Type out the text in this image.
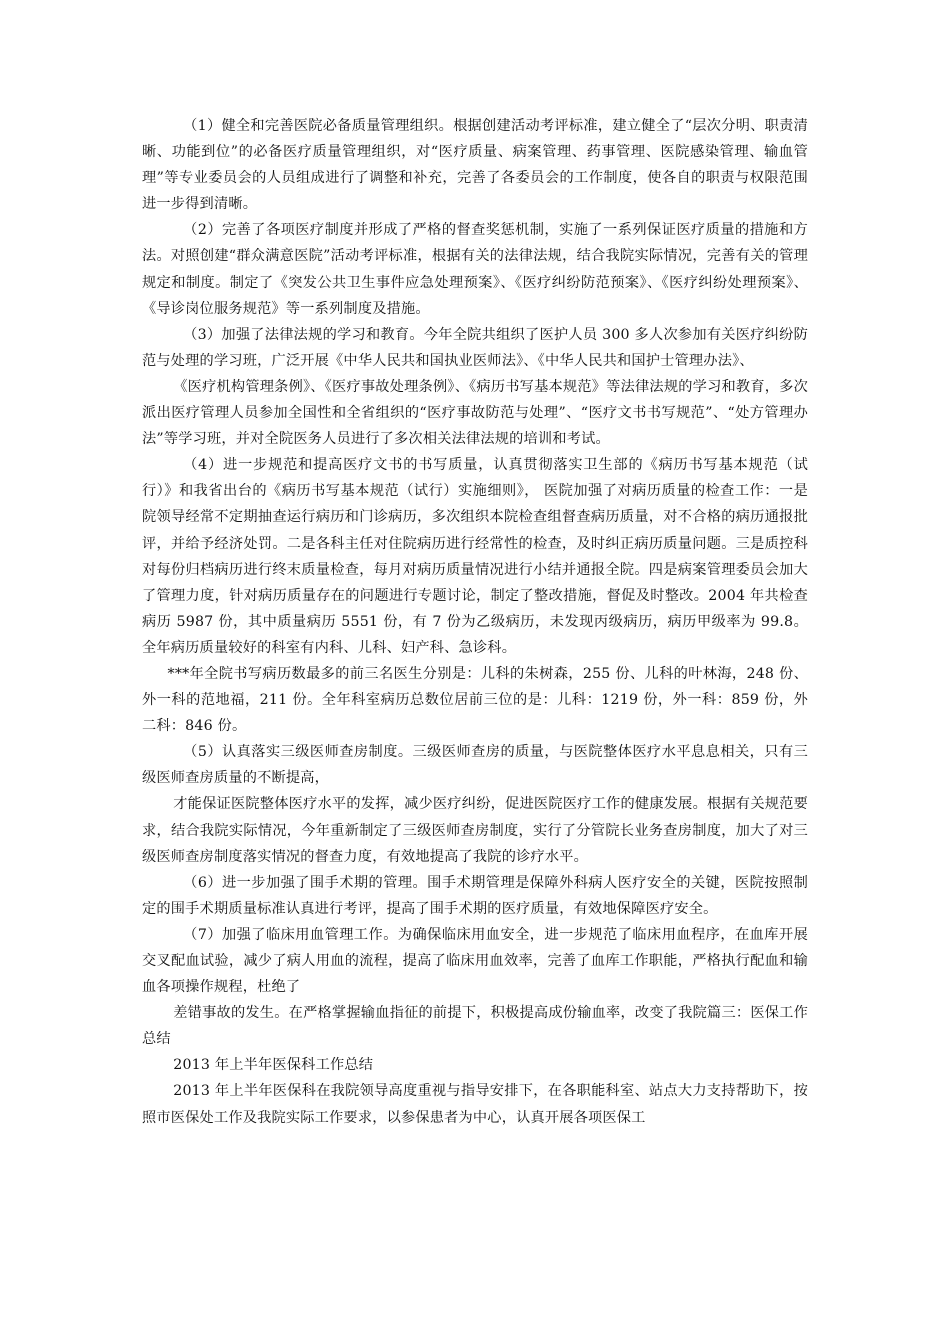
（1）健全和完善医院必备质量管理组织。根据创建活动考评标准，建立健全了“层次分明、职责清晰、功能到位”的必备医疗质量管理组织，对“医疗质量、病案管理、药事管理、医院感染管理、输血管理”等专业委员会的人员组成进行了调整和补充，完善了各委员会的工作制度，使各自的职责与权限范围进一步得到清晰。

（2）完善了各项医疗制度并形成了严格的督查奖惩机制，实施了一系列保证医疗质量的措施和方法。对照创建“群众满意医院”活动考评标准，根据有关的法律法规，结合我院实际情况，完善有关的管理规定和制度。制定了《突发公共卫生事件应急处理预案》、《医疗纠纷防范预案》、《医疗纠纷处理预案》、《导诊岗位服务规范》等一系列制度及措施。

（3）加强了法律法规的学习和教育。今年全院共组织了医护人员 300 多人次参加有关医疗纠纷防范与处理的学习班，广泛开展《中华人民共和国执业医师法》、《中华人民共和国护士管理办法》、

《医疗机构管理条例》、《医疗事故处理条例》、《病历书写基本规范》等法律法规的学习和教育，多次派出医疗管理人员参加全国性和全省组织的“医疗事故防范与处理”、“医疗文书书写规范”、“处方管理办法”等学习班，并对全院医务人员进行了多次相关法律法规的培训和考试。

（4）进一步规范和提高医疗文书的书写质量，认真贯彻落实卫生部的《病历书写基本规范（试行）》和我省出台的《病历书写基本规范（试行）实施细则》， 医院加强了对病历质量的检查工作：一是院领导经常不定期抽查运行病历和门诊病历，多次组织本院检查组督查病历质量，对不合格的病历通报批评，并给予经济处罚。二是各科主任对住院病历进行经常性的检查，及时纠正病历质量问题。三是质控科对每份归档病历进行终末质量检查，每月对病历质量情况进行小结并通报全院。四是病案管理委员会加大了管理力度，针对病历质量存在的问题进行专题讨论，制定了整改措施，督促及时整改。2004 年共检查病历 5987 份，其中质量病历 5551 份，有 7 份为乙级病历，未发现丙级病历，病历甲级率为 99.8。全年病历质量较好的科室有内科、儿科、妇产科、急诊科。

***年全院书写病历数最多的前三名医生分别是：儿科的朱树森，255 份、儿科的叶林海，248 份、外一科的范地福，211 份。全年科室病历总数位居前三位的是：儿科：1219 份，外一科：859 份，外二科：846 份。

（5）认真落实三级医师查房制度。三级医师查房的质量，与医院整体医疗水平息息相关，只有三级医师查房质量的不断提高，

才能保证医院整体医疗水平的发挥，减少医疗纠纷，促进医院医疗工作的健康发展。根据有关规范要求，结合我院实际情况，今年重新制定了三级医师查房制度，实行了分管院长业务查房制度，加大了对三级医师查房制度落实情况的督查力度，有效地提高了我院的诊疗水平。

（6）进一步加强了围手术期的管理。围手术期管理是保障外科病人医疗安全的关键，医院按照制定的围手术期质量标准认真进行考评，提高了围手术期的医疗质量，有效地保障医疗安全。

（7）加强了临床用血管理工作。为确保临床用血安全，进一步规范了临床用血程序，在血库开展交叉配血试验，减少了病人用血的流程，提高了临床用血效率，完善了血库工作职能，严格执行配血和输血各项操作规程，杜绝了

差错事故的发生。在严格掌握输血指征的前提下，积极提高成份输血率，改变了我院篇三：医保工作总结

2013 年上半年医保科工作总结

2013 年上半年医保科在我院领导高度重视与指导安排下，在各职能科室、站点大力支持帮助下，按照市医保处工作及我院实际工作要求，以参保患者为中心，认真开展各项医保工
